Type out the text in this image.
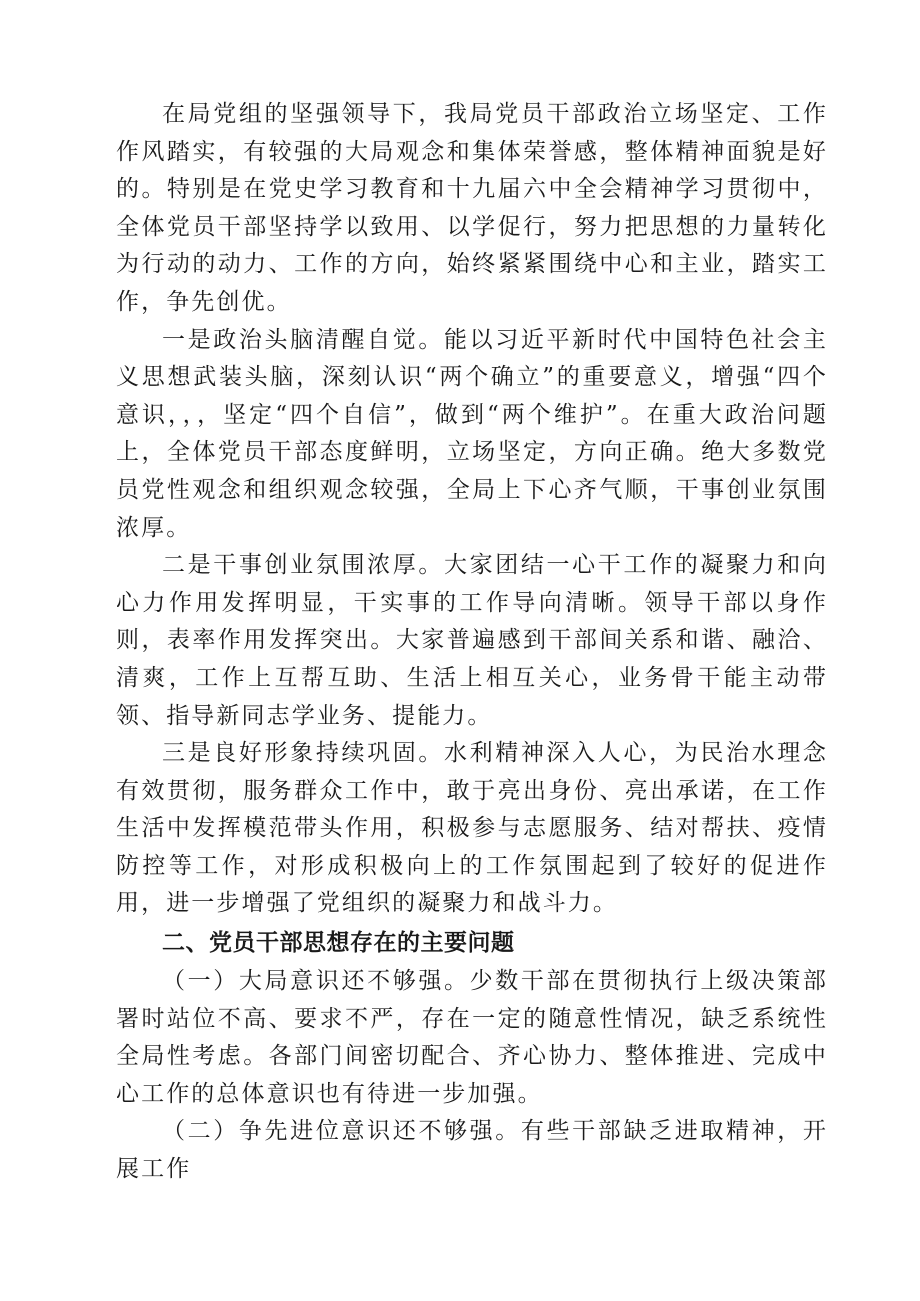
在局党组的坚强领导下，我局党员干部政治立场坚定、工作作风踏实，有较强的大局观念和集体荣誉感，整体精神面貌是好的。特别是在党史学习教育和十九届六中全会精神学习贯彻中，全体党员干部坚持学以致用、以学促行，努力把思想的力量转化为行动的动力、工作的方向，始终紧紧围绕中心和主业，踏实工作，争先创优。

一是政治头脑清醒自觉。能以习近平新时代中国特色社会主义思想武装头脑，深刻认识“两个确立”的重要意义，增强“四个意识，，，坚定“四个自信”，做到“两个维护”。在重大政治问题上，全体党员干部态度鲜明，立场坚定，方向正确。绝大多数党员党性观念和组织观念较强，全局上下心齐气顺，干事创业氛围浓厚。

二是干事创业氛围浓厚。大家团结一心干工作的凝聚力和向心力作用发挥明显，干实事的工作导向清晰。领导干部以身作则，表率作用发挥突出。大家普遍感到干部间关系和谐、融洽、清爽，工作上互帮互助、生活上相互关心，业务骨干能主动带领、指导新同志学业务、提能力。

三是良好形象持续巩固。水利精神深入人心，为民治水理念有效贯彻，服务群众工作中，敢于亮出身份、亮出承诺，在工作生活中发挥模范带头作用，积极参与志愿服务、结对帮扶、疫情防控等工作，对形成积极向上的工作氛围起到了较好的促进作用，进一步增强了党组织的凝聚力和战斗力。

二、党员干部思想存在的主要问题

（一）大局意识还不够强。少数干部在贯彻执行上级决策部署时站位不高、要求不严，存在一定的随意性情况，缺乏系统性全局性考虑。各部门间密切配合、齐心协力、整体推进、完成中心工作的总体意识也有待进一步加强。

（二）争先进位意识还不够强。有些干部缺乏进取精神，开展工作
